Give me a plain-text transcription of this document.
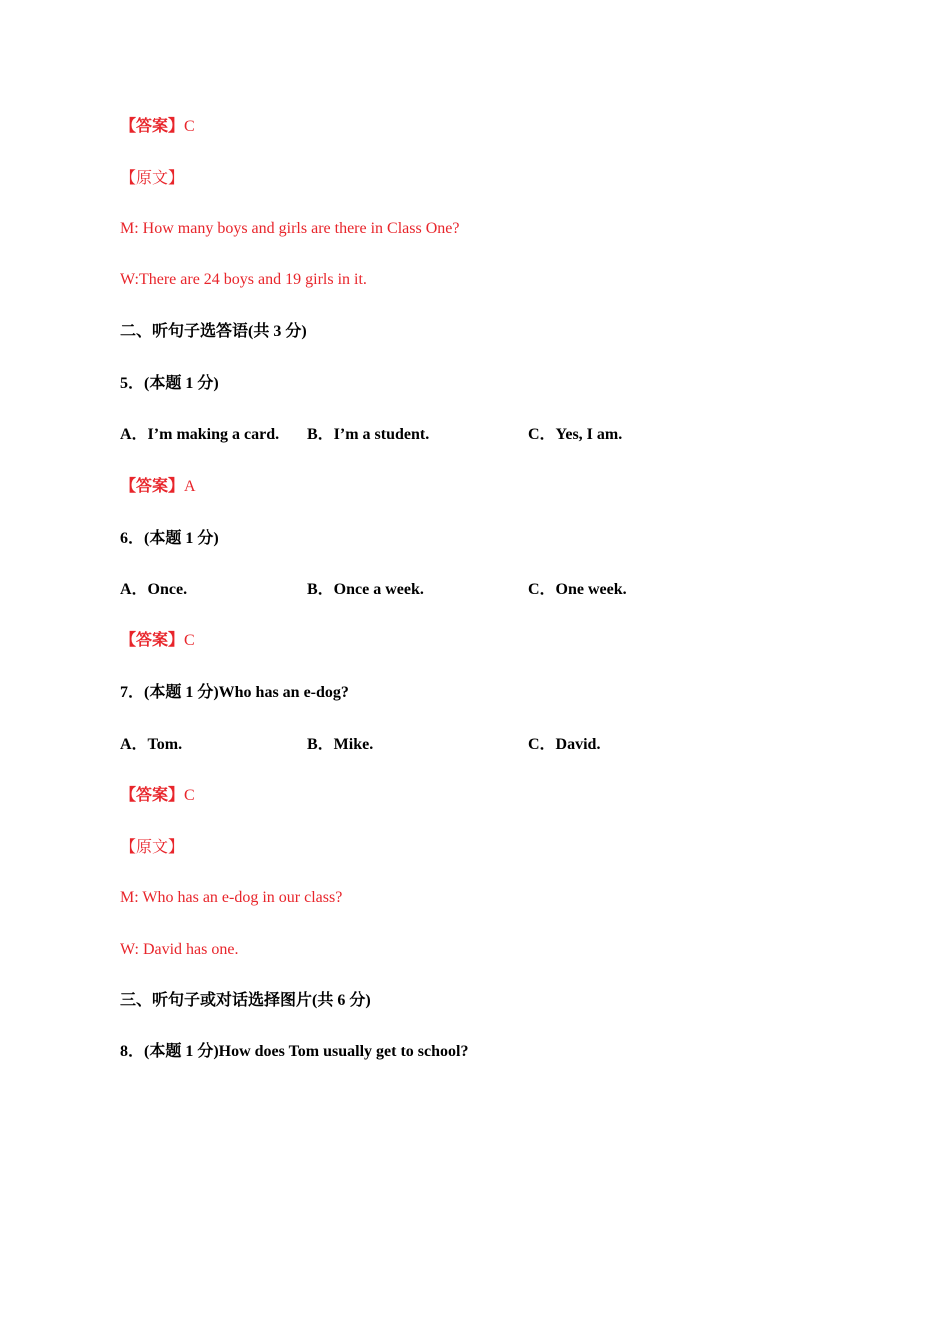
【答案】C
【原文】
M: How many boys and girls are there in Class One?
W:There are 24 boys and 19 girls in it.
二、听句子选答语(共 3 分)
5．(本题 1 分)
A．I’m making a card. B．I’m a student.	C．Yes, I am.
【答案】A
6．(本题 1 分)
A．Once.	B．Once a week.	C．One week.
【答案】C
7．(本题 1 分)Who has an e-dog?
A．Tom.	B．Mike.	C．David.
【答案】C
【原文】
M: Who has an e-dog in our class?
W: David has one.
三、听句子或对话选择图片(共 6 分)
8．(本题 1 分)How does Tom usually get to school?
